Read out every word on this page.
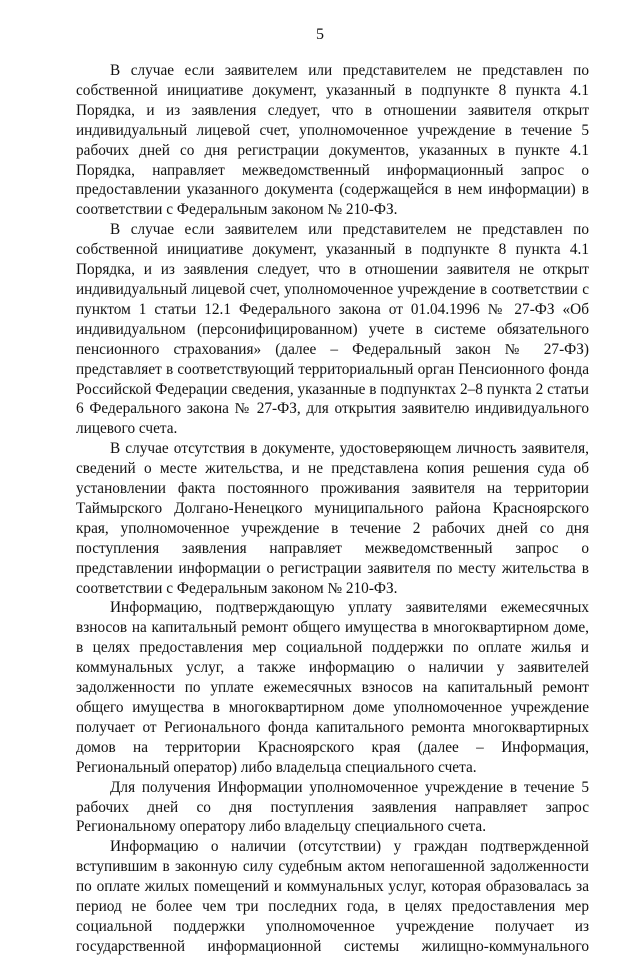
5

В случае если заявителем или представителем не представлен по собственной инициативе документ, указанный в подпункте 8 пункта 4.1 Порядка, и из заявления следует, что в отношении заявителя открыт индивидуальный лицевой счет, уполномоченное учреждение в течение 5 рабочих дней со дня регистрации документов, указанных в пункте 4.1 Порядка, направляет межведомственный информационный запрос о предоставлении указанного документа (содержащейся в нем информации) в соответствии с Федеральным законом № 210-ФЗ.

В случае если заявителем или представителем не представлен по собственной инициативе документ, указанный в подпункте 8 пункта 4.1 Порядка, и из заявления следует, что в отношении заявителя не открыт индивидуальный лицевой счет, уполномоченное учреждение в соответствии с пунктом 1 статьи 12.1 Федерального закона от 01.04.1996 № 27-ФЗ «Об индивидуальном (персонифицированном) учете в системе обязательного пенсионного страхования» (далее – Федеральный закон № 27-ФЗ) представляет в соответствующий территориальный орган Пенсионного фонда Российской Федерации сведения, указанные в подпунктах 2–8 пункта 2 статьи 6 Федерального закона № 27-ФЗ, для открытия заявителю индивидуального лицевого счета.

В случае отсутствия в документе, удостоверяющем личность заявителя, сведений о месте жительства, и не представлена копия решения суда об установлении факта постоянного проживания заявителя на территории Таймырского Долгано-Ненецкого муниципального района Красноярского края, уполномоченное учреждение в течение 2 рабочих дней со дня поступления заявления направляет межведомственный запрос о представлении информации о регистрации заявителя по месту жительства в соответствии с Федеральным законом № 210-ФЗ.

Информацию, подтверждающую уплату заявителями ежемесячных взносов на капитальный ремонт общего имущества в многоквартирном доме, в целях предоставления мер социальной поддержки по оплате жилья и коммунальных услуг, а также информацию о наличии у заявителей задолженности по уплате ежемесячных взносов на капитальный ремонт общего имущества в многоквартирном доме уполномоченное учреждение получает от Регионального фонда капитального ремонта многоквартирных домов на территории Красноярского края (далее – Информация, Региональный оператор) либо владельца специального счета.

Для получения Информации уполномоченное учреждение в течение 5 рабочих дней со дня поступления заявления направляет запрос Региональному оператору либо владельцу специального счета.

Информацию о наличии (отсутствии) у граждан подтвержденной вступившим в законную силу судебным актом непогашенной задолженности по оплате жилых помещений и коммунальных услуг, которая образовалась за период не более чем три последних года, в целях предоставления мер социальной поддержки уполномоченное учреждение получает из государственной информационной системы жилищно-коммунального
